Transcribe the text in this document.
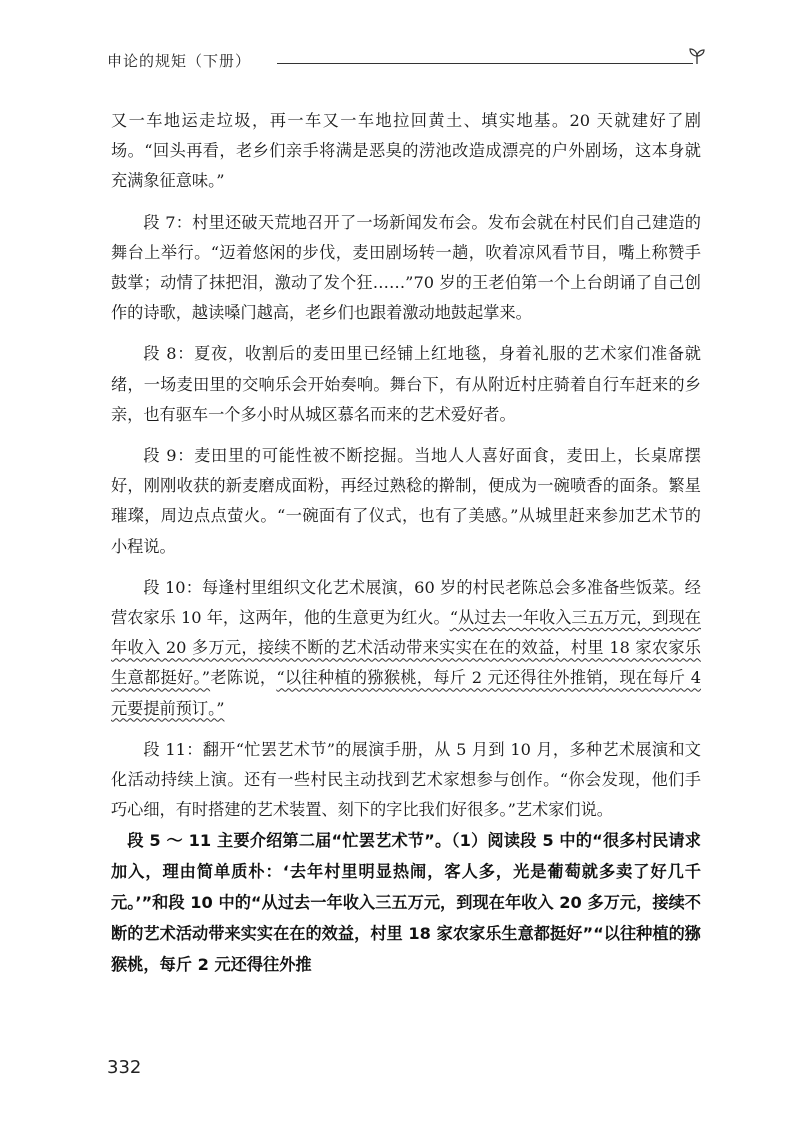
申论的规矩（下册）

又一车地运走垃圾，再一车又一车地拉回黄土、填实地基。20 天就建好了剧场。“回头再看，老乡们亲手将满是恶臭的涝池改造成漂亮的户外剧场，这本身就充满象征意味。”

段 7：村里还破天荒地召开了一场新闻发布会。发布会就在村民们自己建造的舞台上举行。“迈着悠闲的步伐，麦田剧场转一趟，吹着凉风看节目，嘴上称赞手鼓掌；动情了抹把泪，激动了发个狂……”70 岁的王老伯第一个上台朗诵了自己创作的诗歌，越读嗓门越高，老乡们也跟着激动地鼓起掌来。

段 8：夏夜，收割后的麦田里已经铺上红地毯，身着礼服的艺术家们准备就绪，一场麦田里的交响乐会开始奏响。舞台下，有从附近村庄骑着自行车赶来的乡亲，也有驱车一个多小时从城区慕名而来的艺术爱好者。

段 9：麦田里的可能性被不断挖掘。当地人人喜好面食，麦田上，长桌席摆好，刚刚收获的新麦磨成面粉，再经过熟稔的擀制，便成为一碗喷香的面条。繁星璀璨，周边点点萤火。“一碗面有了仪式，也有了美感。”从城里赶来参加艺术节的小程说。

段 10：每逢村里组织文化艺术展演，60 岁的村民老陈总会多准备些饭菜。经营农家乐 10 年，这两年，他的生意更为红火。“从过去一年收入三五万元，到现在年收入 20 多万元，接续不断的艺术活动带来实实在在的效益，村里 18 家农家乐生意都挺好。”老陈说，“以往种植的猕猴桃，每斤 2 元还得往外推销，现在每斤 4 元要提前预订。”

段 11：翻开“忙罢艺术节”的展演手册，从 5 月到 10 月，多种艺术展演和文化活动持续上演。还有一些村民主动找到艺术家想参与创作。“你会发现，他们手巧心细，有时搭建的艺术装置、刻下的字比我们好很多。”艺术家们说。

段 5 ～ 11 主要介绍第二届“忙罢艺术节”。（1）阅读段 5 中的“很多村民请求加入，理由简单质朴：‘去年村里明显热闹，客人多，光是葡萄就多卖了好几千元。’”和段 10 中的“从过去一年收入三五万元，到现在年收入 20 多万元，接续不断的艺术活动带来实实在在的效益，村里 18 家农家乐生意都挺好”“以往种植的猕猴桃，每斤 2 元还得往外推

332
